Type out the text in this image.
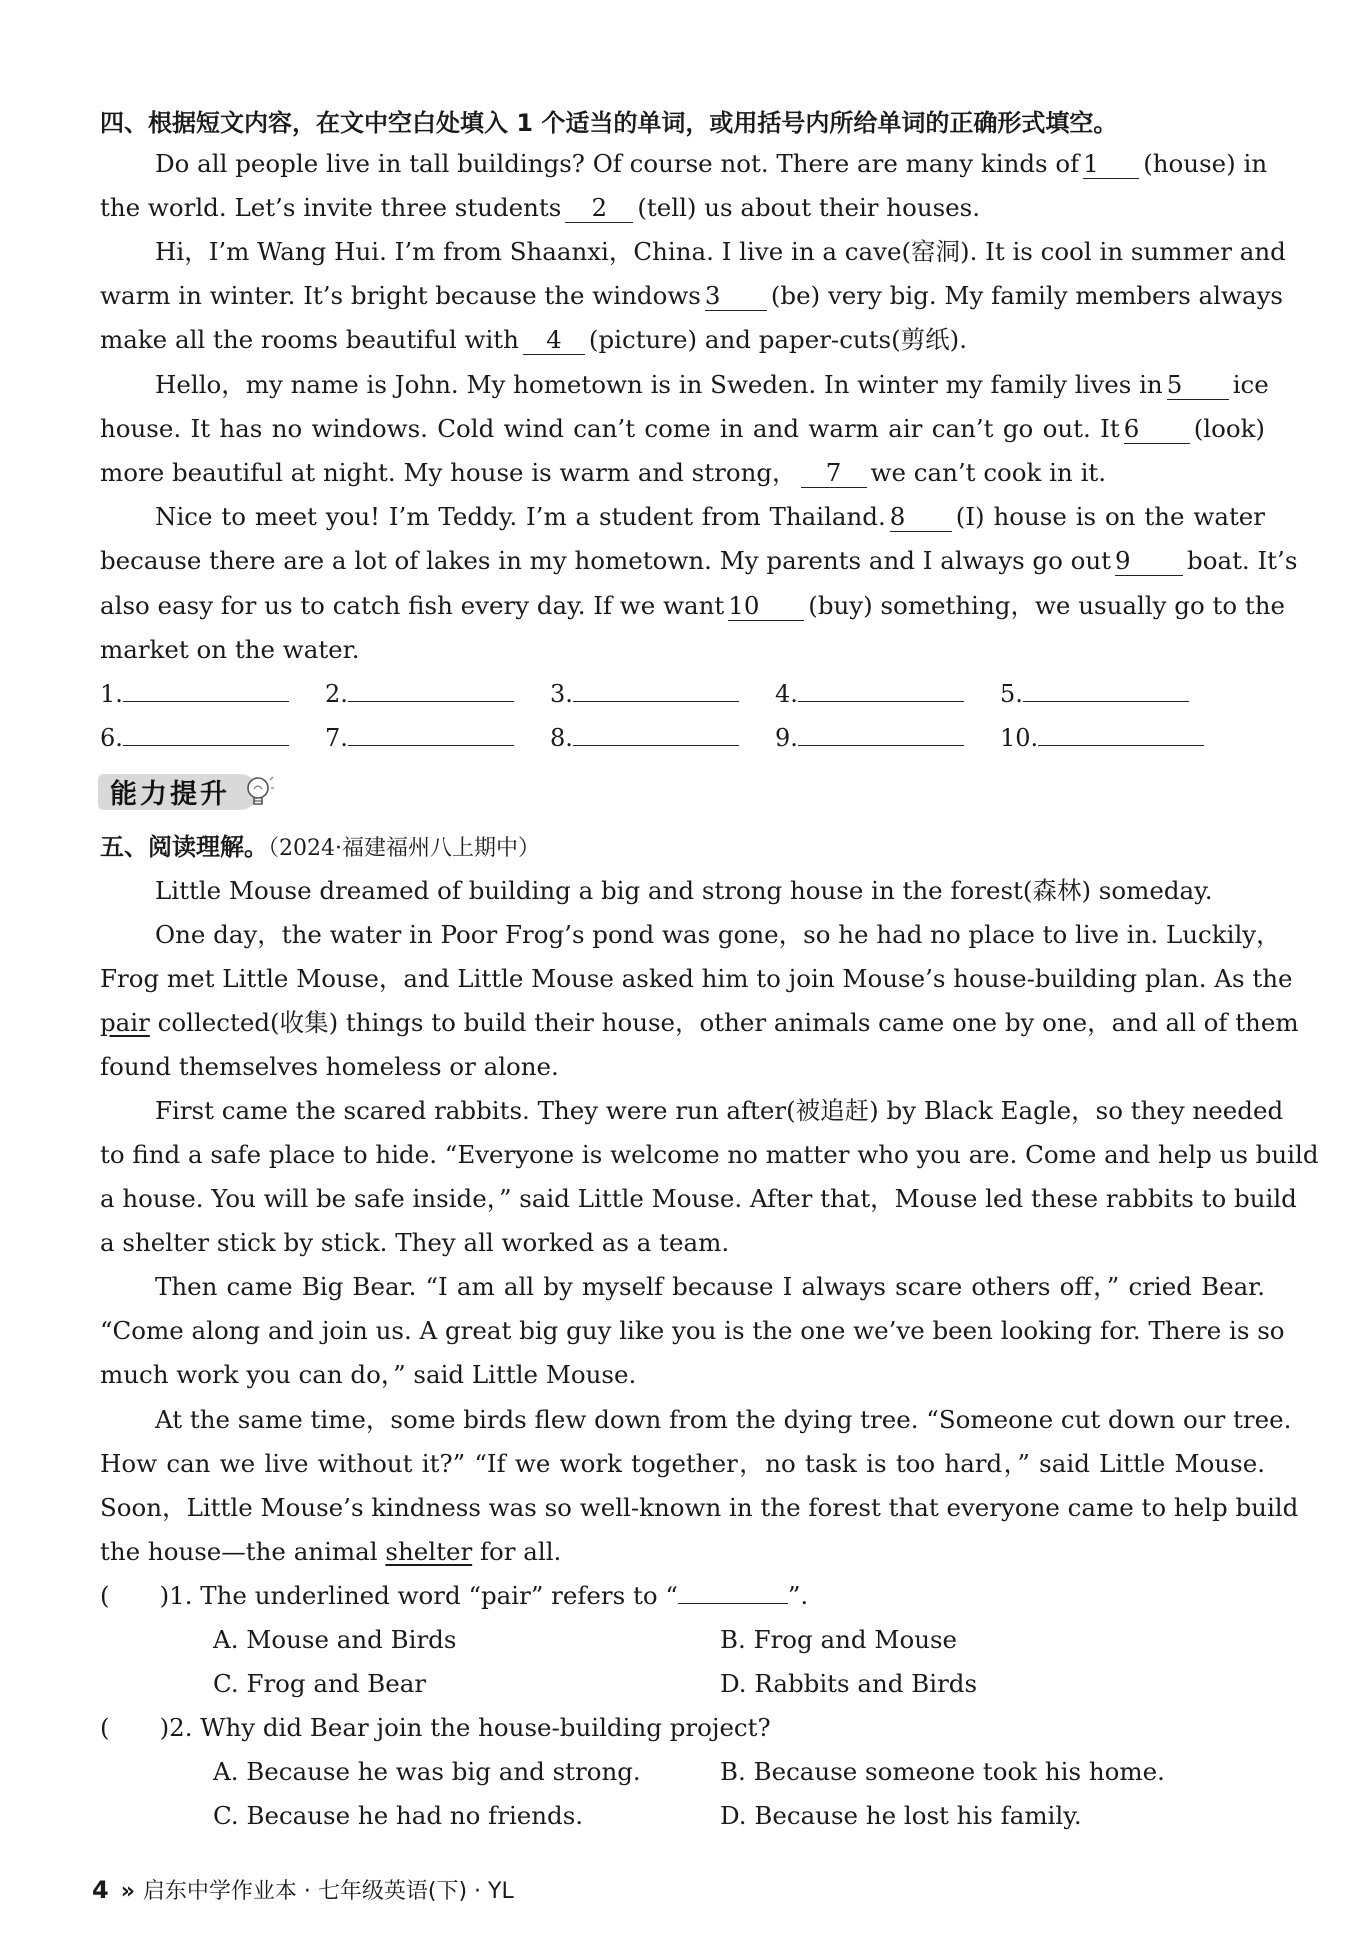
四、根据短文内容，在文中空白处填入 1 个适当的单词，或用括号内所给单词的正确形式填空。
Do all people live in tall buildings? Of course not. There are many kinds of 1 (house) in
the world. Let’s invite three students 2 (tell) us about their houses.
Hi，I’m Wang Hui. I’m from Shaanxi，China. I live in a cave(窑洞). It is cool in summer and
warm in winter. It’s bright because the windows 3 (be) very big. My family members always
make all the rooms beautiful with 4 (picture) and paper-cuts(剪纸).
Hello，my name is John. My hometown is in Sweden. In winter my family lives in 5 ice
house. It has no windows. Cold wind can’t come in and warm air can’t go out. It 6 (look)
more beautiful at night. My house is warm and strong， 7 we can’t cook in it.
Nice to meet you! I’m Teddy. I’m a student from Thailand. 8 (I) house is on the water
because there are a lot of lakes in my hometown. My parents and I always go out 9 boat. It’s
also easy for us to catch fish every day. If we want 10 (buy) something，we usually go to the
market on the water.
1.	2.	3.	4.	5.
6.	7.	8.	9.	10.
能力提升
五、阅读理解。（2024·福建福州八上期中）
Little Mouse dreamed of building a big and strong house in the forest(森林) someday.
One day，the water in Poor Frog’s pond was gone，so he had no place to live in. Luckily，
Frog met Little Mouse，and Little Mouse asked him to join Mouse’s house-building plan. As the
pair collected(收集) things to build their house，other animals came one by one，and all of them
found themselves homeless or alone.
First came the scared rabbits. They were run after(被追赶) by Black Eagle，so they needed
to find a safe place to hide. “Everyone is welcome no matter who you are. Come and help us build
a house. You will be safe inside，” said Little Mouse. After that，Mouse led these rabbits to build
a shelter stick by stick. They all worked as a team.
Then came Big Bear. “I am all by myself because I always scare others off，” cried Bear.
“Come along and join us. A great big guy like you is the one we’ve been looking for. There is so
much work you can do，” said Little Mouse.
At the same time，some birds flew down from the dying tree. “Someone cut down our tree.
How can we live without it?” “If we work together，no task is too hard，” said Little Mouse.
Soon，Little Mouse’s kindness was so well-known in the forest that everyone came to help build
the house—the animal shelter for all.
( )1. The underlined word “pair” refers to “	”.
A. Mouse and Birds	B. Frog and Mouse
C. Frog and Bear	D. Rabbits and Birds
( )2. Why did Bear join the house-building project?
A. Because he was big and strong.	B. Because someone took his home.
C. Because he had no friends.	D. Because he lost his family.
4 » 启东中学作业本 · 七年级英语(下) · YL
